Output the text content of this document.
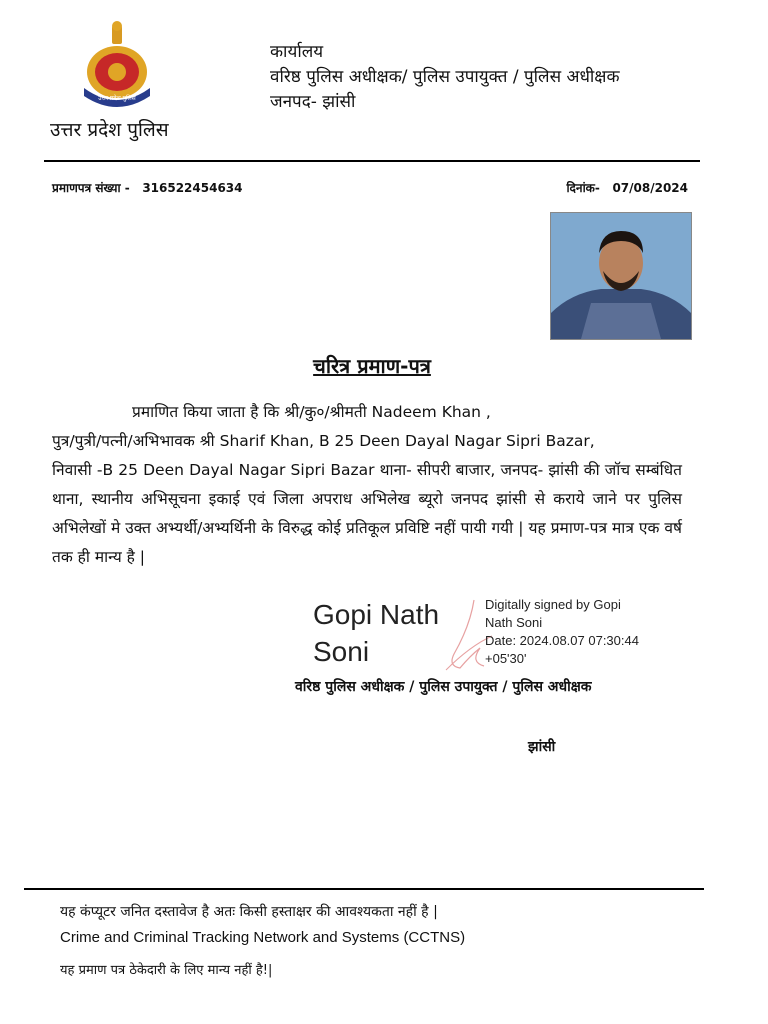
उत्तर प्रदेश पुलिस
उत्तर प्रदेश पुलिस
कार्यालय
वरिष्ठ पुलिस अधीक्षक/ पुलिस उपायुक्त / पुलिस अधीक्षक
जनपद- झांसी
प्रमाणपत्र संख्या - 316522454634	दिनांक- 07/08/2024
चरित्र प्रमाण-पत्र

प्रमाणित किया जाता है कि श्री/कु०/श्रीमती Nadeem Khan ,

पुत्र/पुत्री/पत्नी/अभिभावक श्री Sharif Khan, B 25 Deen Dayal Nagar Sipri Bazar,

निवासी -B 25 Deen Dayal Nagar Sipri Bazar थाना- सीपरी बाजार, जनपद- झांसी की जॉच सम्बंधित थाना, स्थानीय अभिसूचना इकाई एवं जिला अपराध अभिलेख ब्यूरो जनपद झांसी से कराये जाने पर पुलिस अभिलेखों मे उक्त अभ्यर्थी/अभ्यर्थिनी के विरुद्ध कोई प्रतिकूल प्रविष्टि नहीं पायी गयी | यह प्रमाण-पत्र मात्र एक वर्ष तक ही मान्य है |

Gopi Nath
Soni
Digitally signed by Gopi
Nath Soni
Date: 2024.08.07 07:30:44
+05'30'
वरिष्ठ पुलिस अधीक्षक / पुलिस उपायुक्त / पुलिस अधीक्षक
झांसी
यह कंप्यूटर जनित दस्तावेज है अतः किसी हस्ताक्षर की आवश्यकता नहीं है |
Crime and Criminal Tracking Network and Systems (CCTNS)
यह प्रमाण पत्र ठेकेदारी के लिए मान्य नहीं है!|
